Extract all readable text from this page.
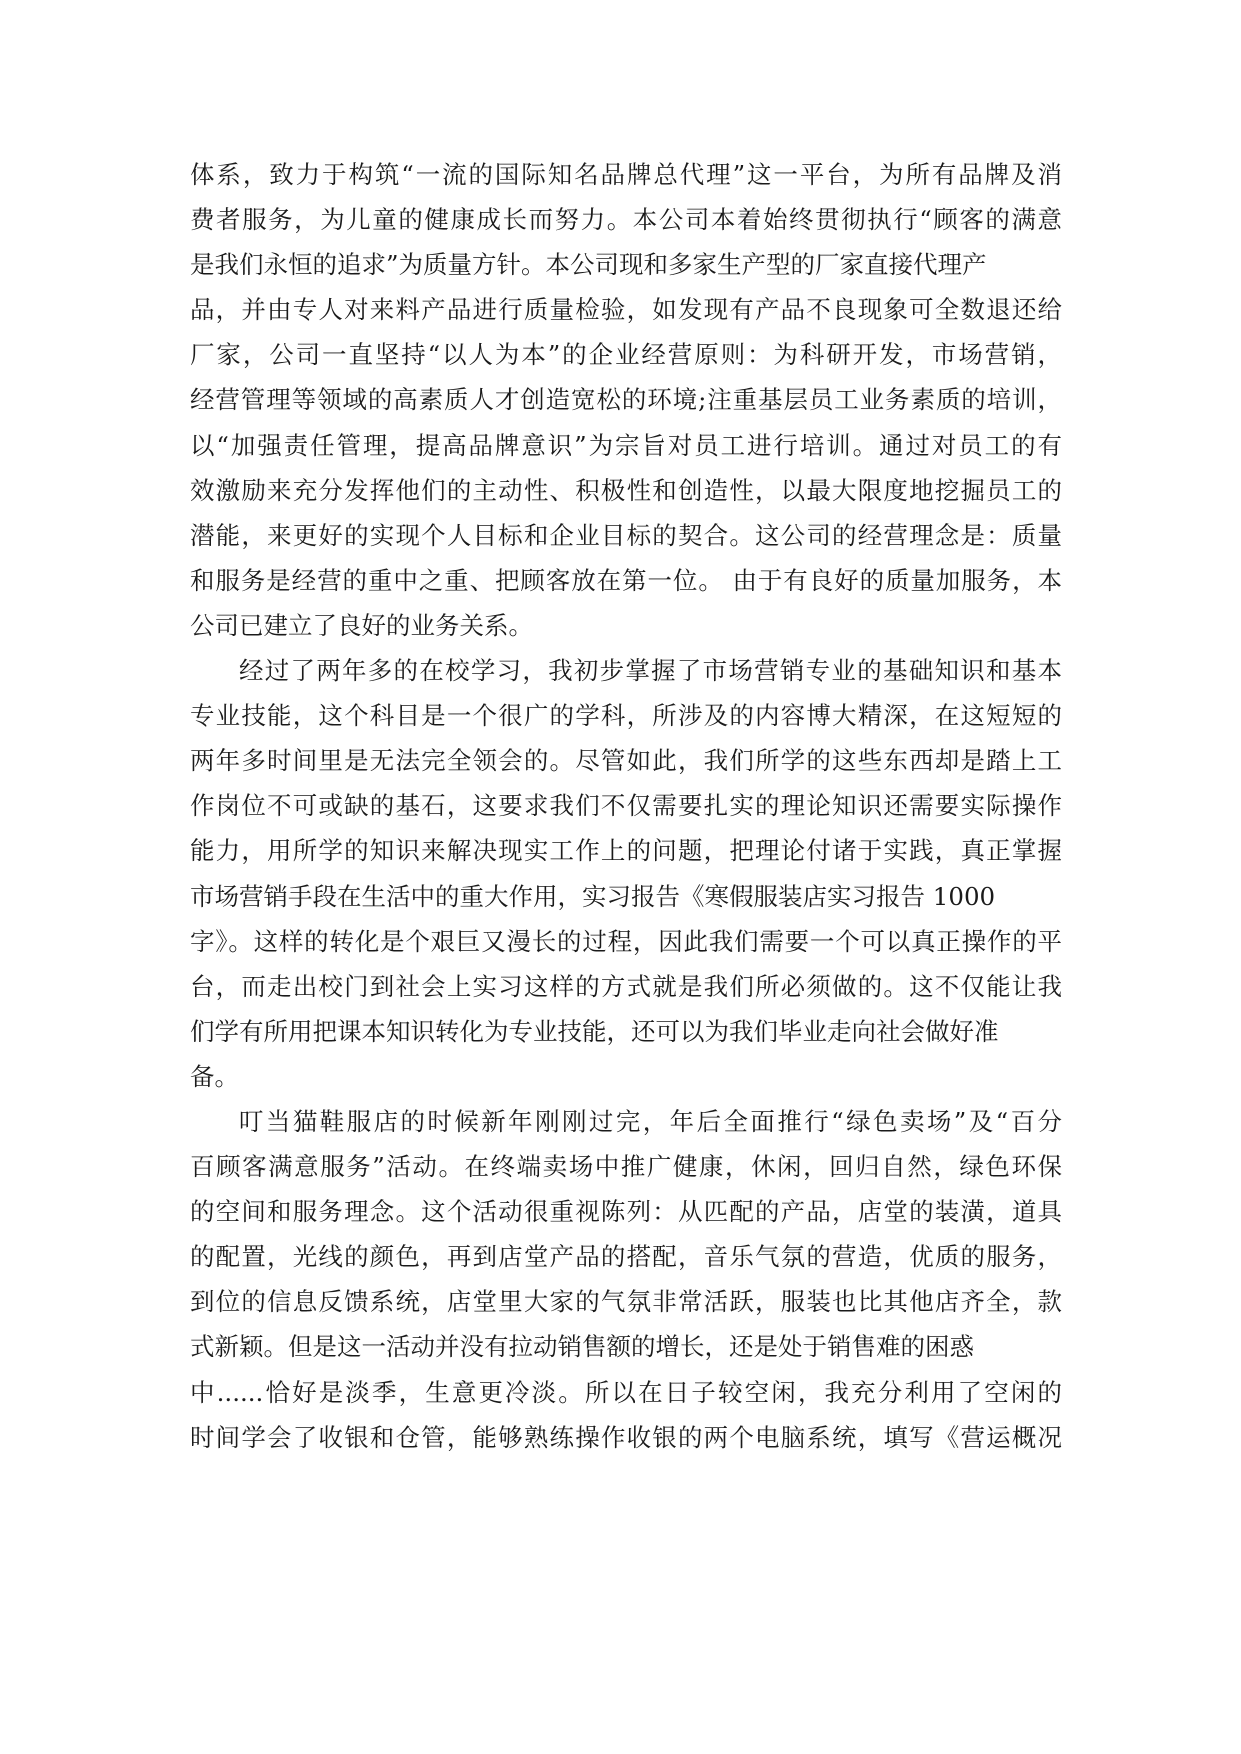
体系，致力于构筑“一流的国际知名品牌总代理”这一平台，为所有品牌及消
费者服务，为儿童的健康成长而努力。本公司本着始终贯彻执行“顾客的满意
是我们永恒的追求”为质量方针。本公司现和多家生产型的厂家直接代理产
品，并由专人对来料产品进行质量检验，如发现有产品不良现象可全数退还给
厂家，公司一直坚持“以人为本”的企业经营原则：为科研开发，市场营销，
经营管理等领域的高素质人才创造宽松的环境;注重基层员工业务素质的培训，
以“加强责任管理，提高品牌意识”为宗旨对员工进行培训。通过对员工的有
效激励来充分发挥他们的主动性、积极性和创造性，以最大限度地挖掘员工的
潜能，来更好的实现个人目标和企业目标的契合。这公司的经营理念是：质量
和服务是经营的重中之重、把顾客放在第一位。 由于有良好的质量加服务，本
公司已建立了良好的业务关系。
经过了两年多的在校学习，我初步掌握了市场营销专业的基础知识和基本
专业技能，这个科目是一个很广的学科，所涉及的内容博大精深，在这短短的
两年多时间里是无法完全领会的。尽管如此，我们所学的这些东西却是踏上工
作岗位不可或缺的基石，这要求我们不仅需要扎实的理论知识还需要实际操作
能力，用所学的知识来解决现实工作上的问题，把理论付诸于实践，真正掌握
市场营销手段在生活中的重大作用，实习报告《寒假服装店实习报告 1000
字》。这样的转化是个艰巨又漫长的过程，因此我们需要一个可以真正操作的平
台，而走出校门到社会上实习这样的方式就是我们所必须做的。这不仅能让我
们学有所用把课本知识转化为专业技能，还可以为我们毕业走向社会做好准
备。
叮当猫鞋服店的时候新年刚刚过完，年后全面推行“绿色卖场”及“百分
百顾客满意服务”活动。在终端卖场中推广健康，休闲，回归自然，绿色环保
的空间和服务理念。这个活动很重视陈列：从匹配的产品，店堂的装潢，道具
的配置，光线的颜色，再到店堂产品的搭配，音乐气氛的营造，优质的服务，
到位的信息反馈系统，店堂里大家的气氛非常活跃，服装也比其他店齐全，款
式新颖。但是这一活动并没有拉动销售额的增长，还是处于销售难的困惑
中......恰好是淡季，生意更冷淡。所以在日子较空闲，我充分利用了空闲的
时间学会了收银和仓管，能够熟练操作收银的两个电脑系统，填写《营运概况
